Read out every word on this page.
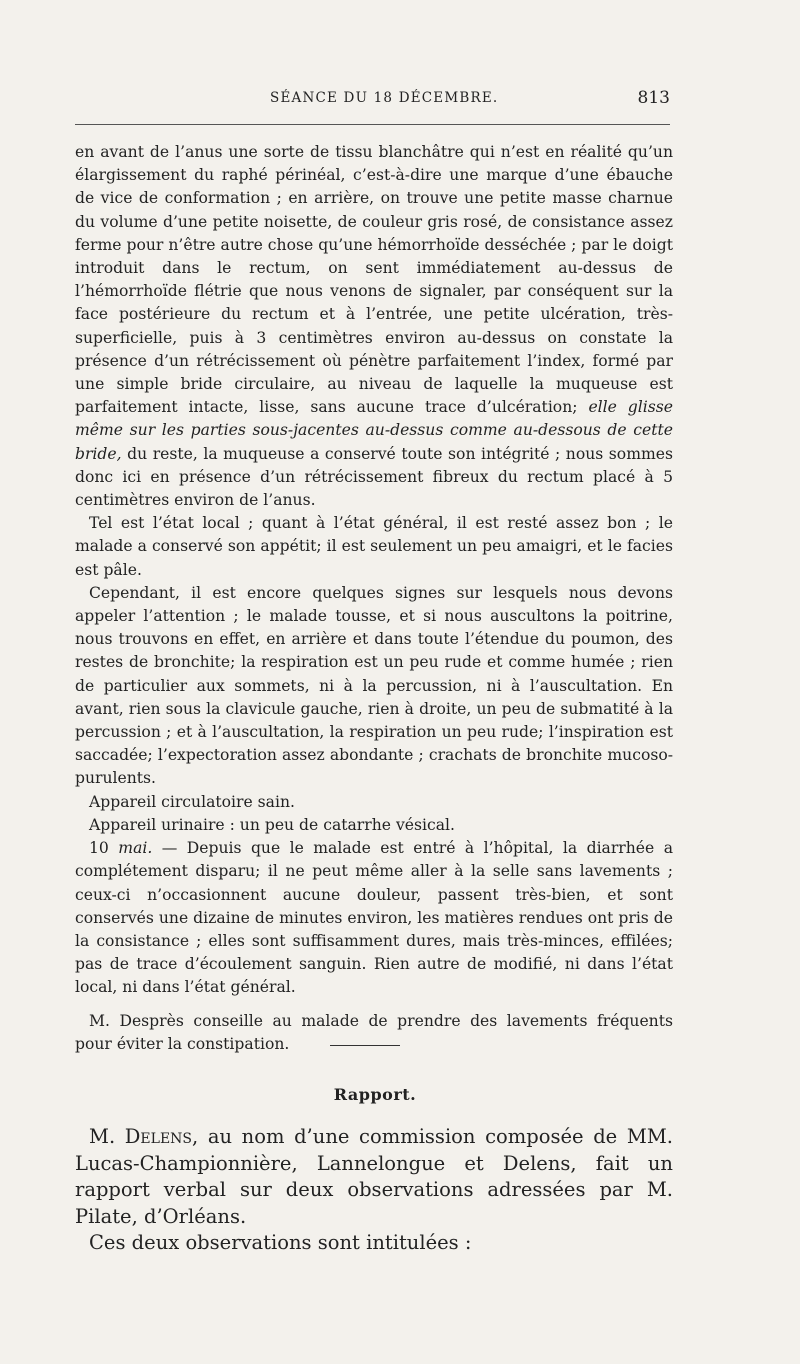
SÉANCE DU 18 DÉCEMBRE.	813

en avant de l’anus une sorte de tissu blanchâtre qui n’est en réalité qu’un élargissement du raphé périnéal, c’est-à-dire une marque d’une ébauche de vice de conformation ; en arrière, on trouve une petite masse charnue du volume d’une petite noisette, de couleur gris rosé, de consistance assez ferme pour n’être autre chose qu’une hémorrhoïde desséchée ; par le doigt introduit dans le rectum, on sent immédiatement au-dessus de l’hémorrhoïde flétrie que nous venons de signaler, par conséquent sur la face postérieure du rectum et à l’entrée, une petite ulcération, très-superficielle, puis à 3 centimètres environ au-dessus on constate la présence d’un rétrécissement où pénètre parfaitement l’index, formé par une simple bride circulaire, au niveau de laquelle la muqueuse est parfaitement intacte, lisse, sans aucune trace d’ulcération; elle glisse même sur les parties sous-jacentes au-dessus comme au-dessous de cette bride, du reste, la muqueuse a conservé toute son intégrité ; nous sommes donc ici en présence d’un rétrécissement fibreux du rectum placé à 5 centimètres environ de l’anus.

Tel est l’état local ; quant à l’état général, il est resté assez bon ; le malade a conservé son appétit; il est seulement un peu amaigri, et le facies est pâle.

Cependant, il est encore quelques signes sur lesquels nous devons appeler l’attention ; le malade tousse, et si nous auscultons la poitrine, nous trouvons en effet, en arrière et dans toute l’étendue du poumon, des restes de bronchite; la respiration est un peu rude et comme humée ; rien de particulier aux sommets, ni à la percussion, ni à l’auscultation. En avant, rien sous la clavicule gauche, rien à droite, un peu de submatité à la percussion ; et à l’auscultation, la respiration un peu rude; l’inspiration est saccadée; l’expectoration assez abondante ; crachats de bronchite mucoso-purulents.

Appareil circulatoire sain.

Appareil urinaire : un peu de catarrhe vésical.

10 mai. — Depuis que le malade est entré à l’hôpital, la diarrhée a complétement disparu; il ne peut même aller à la selle sans lavements ; ceux-ci n’occasionnent aucune douleur, passent très-bien, et sont conservés une dizaine de minutes environ, les matières rendues ont pris de la consistance ; elles sont suffisamment dures, mais très-minces, effilées; pas de trace d’écoulement sanguin. Rien autre de modifié, ni dans l’état local, ni dans l’état général.

M. Desprès conseille au malade de prendre des lavements fréquents pour éviter la constipation.

Rapport.

M. Delens, au nom d’une commission composée de MM. Lucas-Championnière, Lannelongue et Delens, fait un rapport verbal sur deux observations adressées par M. Pilate, d’Orléans.

Ces deux observations sont intitulées :
